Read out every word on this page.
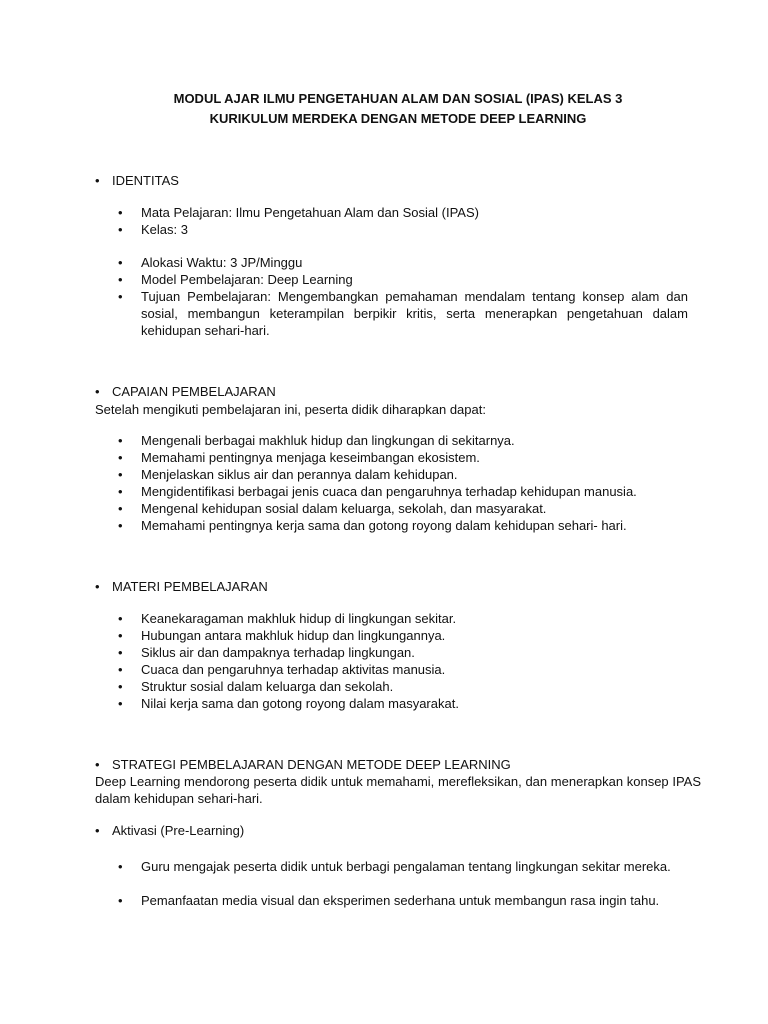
MODUL AJAR ILMU PENGETAHUAN ALAM DAN SOSIAL (IPAS) KELAS 3
KURIKULUM MERDEKA DENGAN METODE DEEP LEARNING
• IDENTITAS
• Mata Pelajaran: Ilmu Pengetahuan Alam dan Sosial (IPAS)
• Kelas: 3
• Alokasi Waktu: 3 JP/Minggu
• Model Pembelajaran: Deep Learning
• Tujuan Pembelajaran: Mengembangkan pemahaman mendalam tentang konsep alam dan sosial, membangun keterampilan berpikir kritis, serta menerapkan pengetahuan dalam kehidupan sehari-hari.
• CAPAIAN PEMBELAJARAN
Setelah mengikuti pembelajaran ini, peserta didik diharapkan dapat:
• Mengenali berbagai makhluk hidup dan lingkungan di sekitarnya.
• Memahami pentingnya menjaga keseimbangan ekosistem.
• Menjelaskan siklus air dan perannya dalam kehidupan.
• Mengidentifikasi berbagai jenis cuaca dan pengaruhnya terhadap kehidupan manusia.
• Mengenal kehidupan sosial dalam keluarga, sekolah, dan masyarakat.
• Memahami pentingnya kerja sama dan gotong royong dalam kehidupan sehari- hari.
• MATERI PEMBELAJARAN
• Keanekaragaman makhluk hidup di lingkungan sekitar.
• Hubungan antara makhluk hidup dan lingkungannya.
• Siklus air dan dampaknya terhadap lingkungan.
• Cuaca dan pengaruhnya terhadap aktivitas manusia.
• Struktur sosial dalam keluarga dan sekolah.
• Nilai kerja sama dan gotong royong dalam masyarakat.
• STRATEGI PEMBELAJARAN DENGAN METODE DEEP LEARNING
Deep Learning mendorong peserta didik untuk memahami, merefleksikan, dan menerapkan konsep IPAS dalam kehidupan sehari-hari.
• Aktivasi (Pre-Learning)
• Guru mengajak peserta didik untuk berbagi pengalaman tentang lingkungan sekitar mereka.
• Pemanfaatan media visual dan eksperimen sederhana untuk membangun rasa ingin tahu.
